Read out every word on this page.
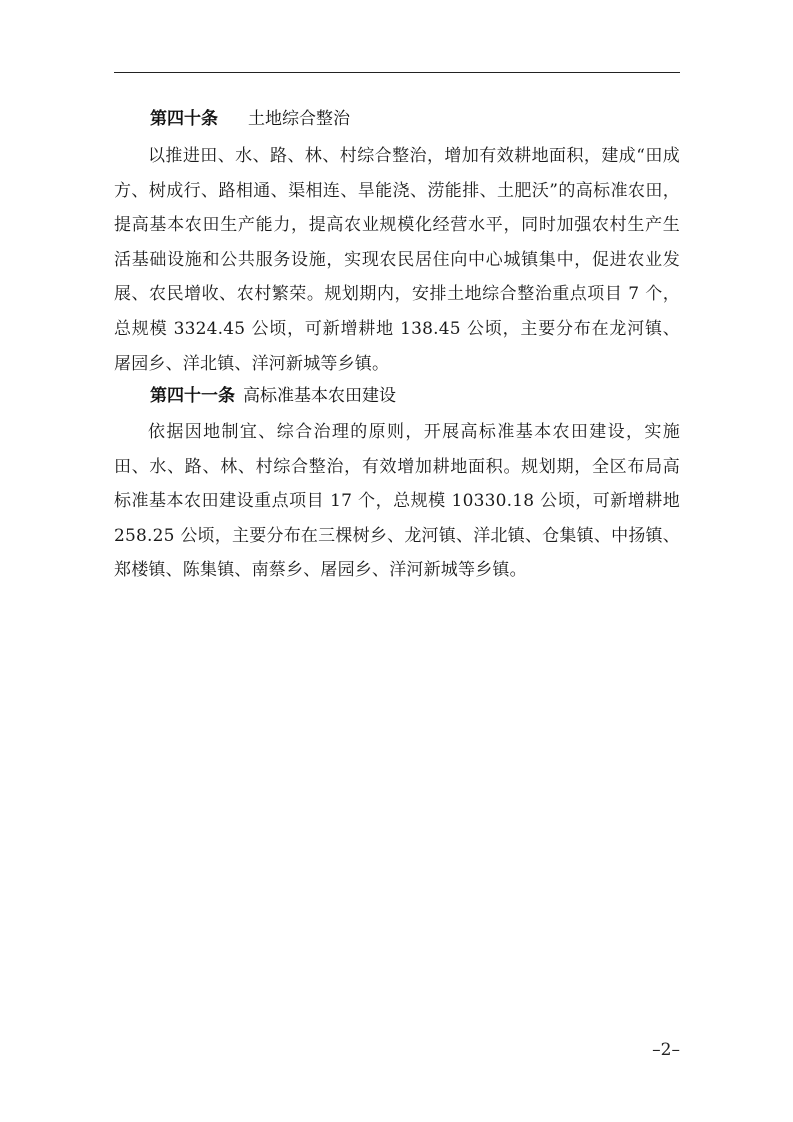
第四十条 土地综合整治

以推进田、水、路、林、村综合整治，增加有效耕地面积，建成“田成方、树成行、路相通、渠相连、旱能浇、涝能排、土肥沃”的高标准农田，提高基本农田生产能力，提高农业规模化经营水平，同时加强农村生产生活基础设施和公共服务设施，实现农民居住向中心城镇集中，促进农业发展、农民增收、农村繁荣。规划期内，安排土地综合整治重点项目 7 个，总规模 3324.45 公顷，可新增耕地 138.45 公顷，主要分布在龙河镇、屠园乡、洋北镇、洋河新城等乡镇。

第四十一条 高标准基本农田建设

依据因地制宜、综合治理的原则，开展高标准基本农田建设，实施田、水、路、林、村综合整治，有效增加耕地面积。规划期，全区布局高标准基本农田建设重点项目 17 个，总规模 10330.18 公顷，可新增耕地 258.25 公顷，主要分布在三棵树乡、龙河镇、洋北镇、仓集镇、中扬镇、郑楼镇、陈集镇、南蔡乡、屠园乡、洋河新城等乡镇。

–2–
